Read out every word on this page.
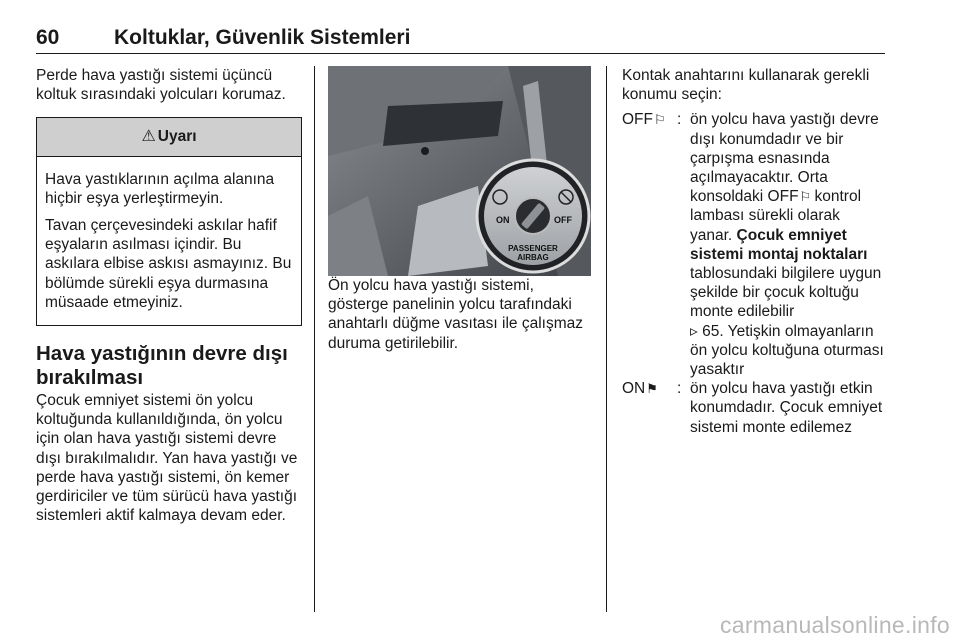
60	Koltuklar, Güvenlik Sistemleri

Perde hava yastığı sistemi üçüncü koltuk sırasındaki yolcuları korumaz.

⚠ Uyarı

Hava yastıklarının açılma alanına hiçbir eşya yerleştirmeyin.

Tavan çerçevesindeki askılar hafif eşyaların asılması içindir. Bu askılara elbise askısı asmayınız. Bu bölümde sürekli eşya durmasına müsaade etmeyiniz.

Hava yastığının devre dışı bırakılması

Çocuk emniyet sistemi ön yolcu koltuğunda kullanıldığında, ön yolcu için olan hava yastığı sistemi devre dışı bırakılmalıdır. Yan hava yastığı ve perde hava yastığı sistemi, ön kemer gerdiriciler ve tüm sürücü hava yastığı sistemleri aktif kalmaya devam eder.

ON	OFF
PASSENGER
AIRBAG

Ön yolcu hava yastığı sistemi, gösterge panelinin yolcu tarafındaki anahtarlı düğme vasıtası ile çalışmaz duruma getirilebilir.

Kontak anahtarını kullanarak gerekli konumu seçin:

OFF ⚐ : ön yolcu hava yastığı devre dışı konumdadır ve bir çarpışma esnasında açılmayacaktır. Orta konsoldaki OFF⚐ kontrol lambası sürekli olarak yanar. Çocuk emniyet sistemi montaj noktaları tablosundaki bilgilere uygun şekilde bir çocuk koltuğu monte edilebilir
▹ 65. Yetişkin olmayanların ön yolcu koltuğuna oturması yasaktır
ON ⚑ : ön yolcu hava yastığı etkin konumdadır. Çocuk emniyet sistemi monte edilemez
carmanualsonline.info
